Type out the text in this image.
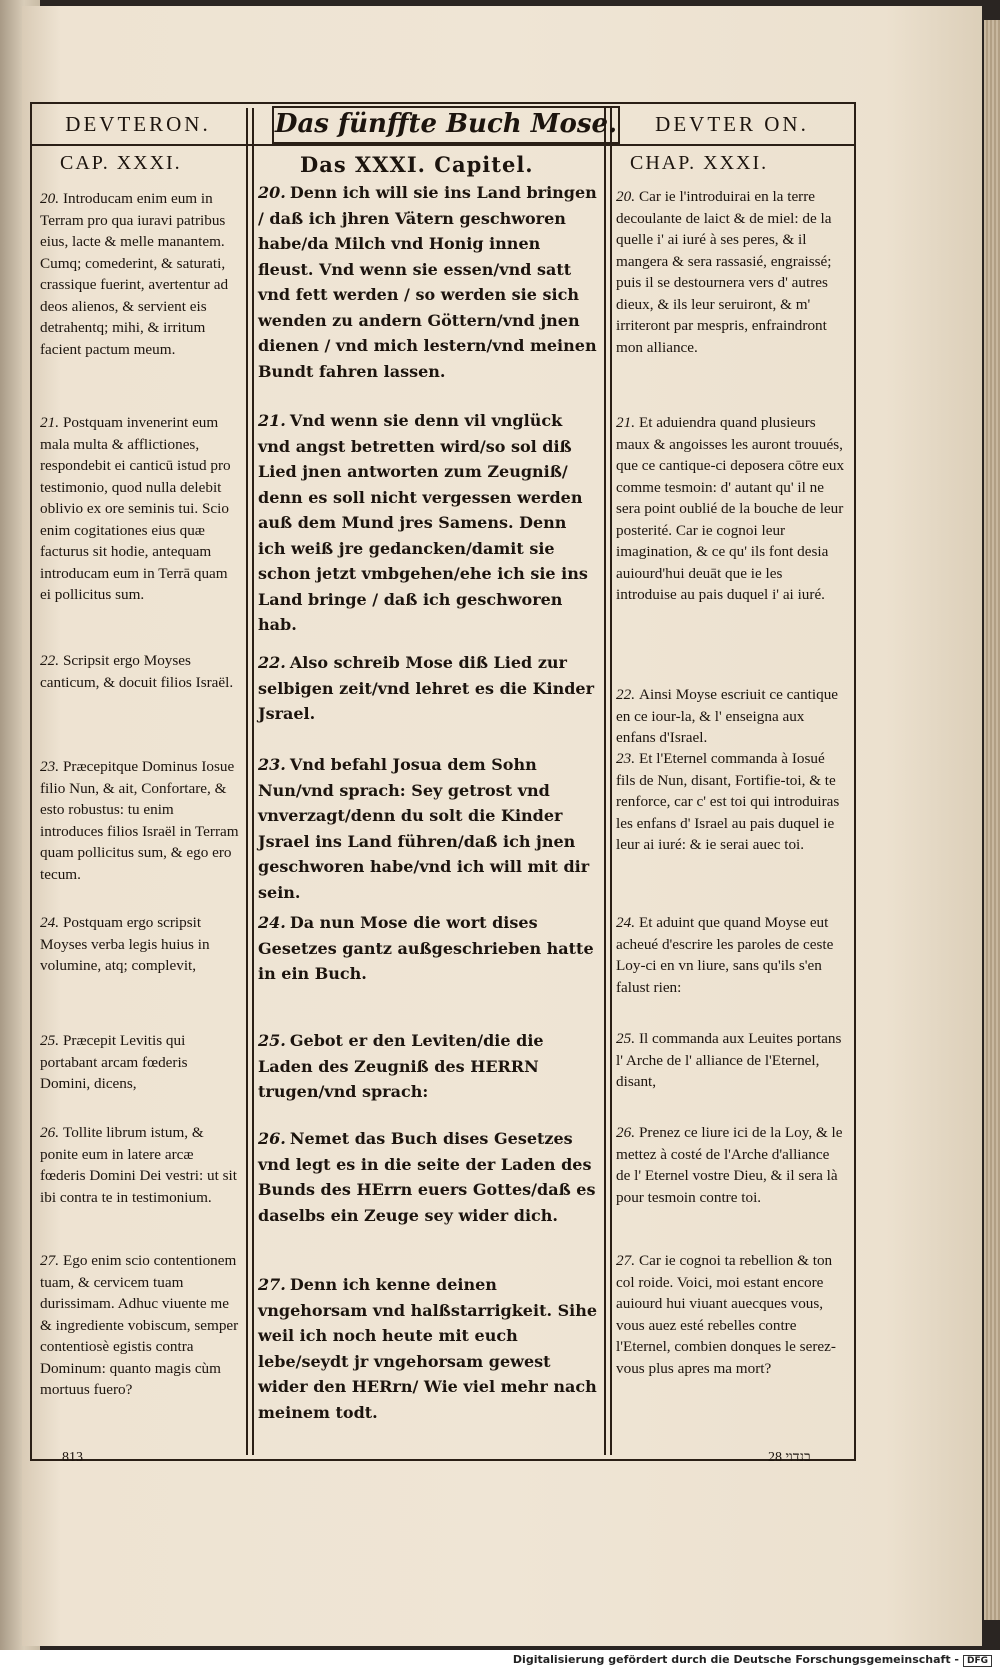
DEVTERON.	Das fünffte Buch Mose.	DEVTER ON.
CAP. XXXI.	Das XXXI. Capitel.	CHAP. XXXI.
20. Introducam enim eum in Terram pro qua iuravi patribus eius, lacte & melle manantem. Cumq; comederint, & saturati, crassique fuerint, avertentur ad deos alienos, & servient eis detrahentq; mihi, & irritum facient pactum meum.
21. Postquam invenerint eum mala multa & afflictiones, respondebit ei canticū istud pro testimonio, quod nulla delebit oblivio ex ore seminis tui. Scio enim cogitationes eius quæ facturus sit hodie, antequam introducam eum in Terrā quam ei pollicitus sum.
22. Scripsit ergo Moyses canticum, & docuit filios Israël.
23. Præcepitque Dominus Iosue filio Nun, & ait, Confortare, & esto robustus: tu enim introduces filios Israël in Terram quam pollicitus sum, & ego ero tecum.
24. Postquam ergo scripsit Moyses verba legis huius in volumine, atq; complevit,
25. Præcepit Levitis qui portabant arcam fœderis Domini, dicens,
26. Tollite librum istum, & ponite eum in latere arcæ fœderis Domini Dei vestri: ut sit ibi contra te in testimonium.
27. Ego enim scio contentionem tuam, & cervicem tuam durissimam. Adhuc viuente me & ingrediente vobiscum, semper contentiosè egistis contra Dominum: quanto magis cùm mortuus fuero?
20. Denn ich will sie ins Land bringen / daß ich jhren Vätern geschworen habe/da Milch vnd Honig innen fleust. Vnd wenn sie essen/vnd satt vnd fett werden / so werden sie sich wenden zu andern Göttern/vnd jnen dienen / vnd mich lestern/vnd meinen Bundt fahren lassen.
21. Vnd wenn sie denn vil vnglück vnd angst betretten wird/so sol diß Lied jnen antworten zum Zeugniß/ denn es soll nicht vergessen werden auß dem Mund jres Samens. Denn ich weiß jre gedancken/damit sie schon jetzt vmbgehen/ehe ich sie ins Land bringe / daß ich geschworen hab.
22. Also schreib Mose diß Lied zur selbigen zeit/vnd lehret es die Kinder Jsrael.
23. Vnd befahl Josua dem Sohn Nun/vnd sprach: Sey getrost vnd vnverzagt/denn du solt die Kinder Jsrael ins Land führen/daß ich jnen geschworen habe/vnd ich will mit dir sein.
24. Da nun Mose die wort dises Gesetzes gantz außgeschrieben hatte in ein Buch.
25. Gebot er den Leviten/die die Laden des Zeugniß des HERRN trugen/vnd sprach:
26. Nemet das Buch dises Gesetzes vnd legt es in die seite der Laden des Bunds des HErrn euers Gottes/daß es daselbs ein Zeuge sey wider dich.
27. Denn ich kenne deinen vngehorsam vnd halßstarrigkeit. Sihe weil ich noch heute mit euch lebe/seydt jr vngehorsam gewest wider den HERrn/ Wie viel mehr nach meinem todt.
20. Car ie l'introduirai en la terre decoulante de laict & de miel: de la quelle i' ai iuré à ses peres, & il mangera & sera rassasié, engraissé; puis il se destournera vers d' autres dieux, & ils leur seruiront, & m' irriteront par mespris, enfraindront mon alliance.
21. Et aduiendra quand plusieurs maux & angoisses les auront trouués, que ce cantique-ci deposera cōtre eux comme tesmoin: d' autant qu' il ne sera point oublié de la bouche de leur posterité. Car ie cognoi leur imagination, & ce qu' ils font desia auiourd'hui deuāt que ie les introduise au pais duquel i' ai iuré.
22. Ainsi Moyse escriuit ce cantique en ce iour-la, & l' enseigna aux enfans d'Israel.
23. Et l'Eternel commanda à Iosué fils de Nun, disant, Fortifie-toi, & te renforce, car c' est toi qui introduiras les enfans d' Israel au pais duquel ie leur ai iuré: & ie serai auec toi.
24. Et aduint que quand Moyse eut acheué d'escrire les paroles de ceste Loy-ci en vn liure, sans qu'ils s'en falust rien:
25. Il commanda aux Leuites portans l' Arche de l' alliance de l'Eternel, disant,
26. Prenez ce liure ici de la Loy, & le mettez à costé de l'Arche d'alliance de l' Eternel vostre Dieu, & il sera là pour tesmoin contre toi.
27. Car ie cognoi ta rebellion & ton col roide. Voici, moi estant encore auiourd hui viuant auecques vous, vous auez esté rebelles contre l'Eternel, combien donques le serez-vous plus apres ma mort?
813	בנדוי 28
Digitalisierung gefördert durch die Deutsche Forschungsgemeinschaft - DFG
